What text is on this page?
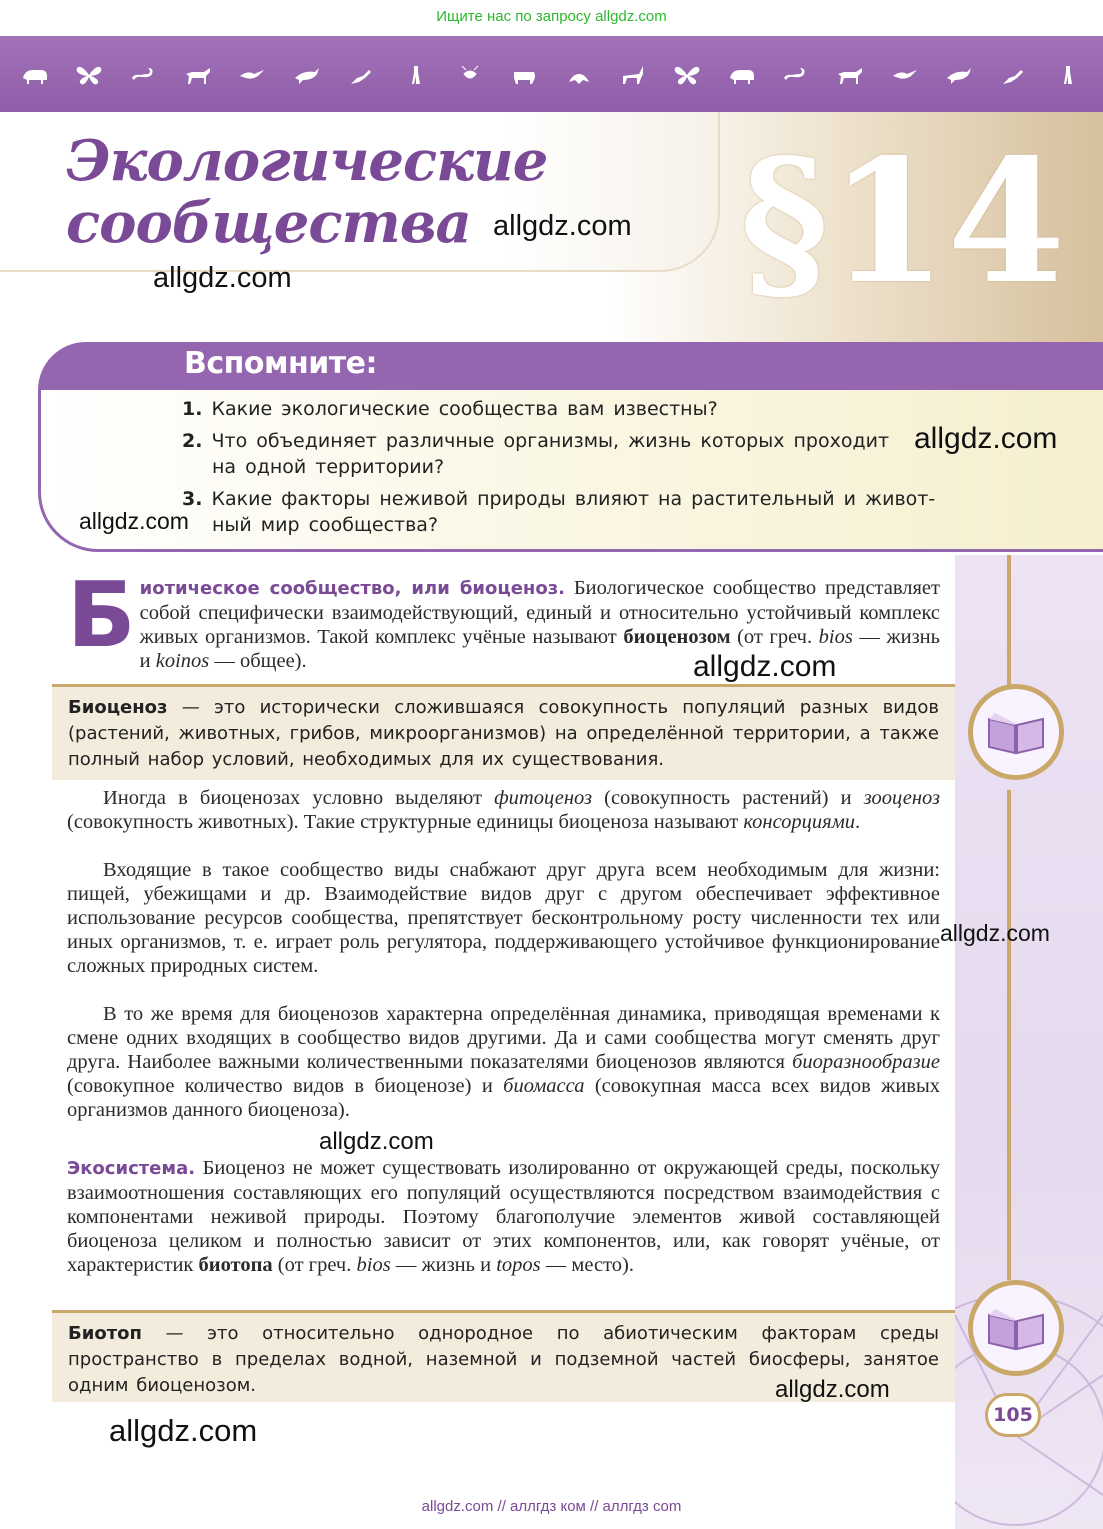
Ищите нас по запросу allgdz.com
Экологические
сообщества	§14
allgdz.com
allgdz.com
Вспомните:
1. Какие экологические сообщества вам известны?
2. Что объединяет различные организмы, жизнь которых проходит
на одной территории?
3. Какие факторы неживой природы влияют на растительный и живот-
ный мир сообщества?
allgdz.com
allgdz.com
Биотическое сообщество, или биоценоз. Биологическое сообщество представляет собой специфически взаимодействующий, единый и относительно устойчивый комплекс живых организмов. Такой комплекс учёные называют биоценозом (от греч. bios — жизнь и koinos — общее).	allgdz.com
Биоценоз — это исторически сложившаяся совокупность популяций разных видов (растений, животных, грибов, микроорганизмов) на определённой территории, а также полный набор условий, необходимых для их существования.
Иногда в биоценозах условно выделяют фитоценоз (совокупность растений) и зооценоз (совокупность животных). Такие структурные единицы биоценоза называют консорциями.
Входящие в такое сообщество виды снабжают друг друга всем необходимым для жизни: пищей, убежищами и др. Взаимодействие видов друг с другом обеспечивает эффективное использование ресурсов сообщества, препятствует бесконтрольному росту численности тех или иных организмов, т. е. играет роль регулятора, поддерживающего устойчивое функционирование сложных природных систем.
allgdz.com
В то же время для биоценозов характерна определённая динамика, приводящая временами к смене одних входящих в сообщество видов другими. Да и сами сообщества могут сменять друг друга. Наиболее важными количественными показателями биоценозов являются биоразнообразие (совокупное количество видов в биоценозе) и биомасса (совокупная масса всех видов живых организмов данного биоценоза).
allgdz.com
Экосистема. Биоценоз не может существовать изолированно от окружающей среды, поскольку взаимоотношения составляющих его популяций осуществляются посредством взаимодействия с компонентами неживой природы. Поэтому благополучие элементов живой составляющей биоценоза целиком и полностью зависит от этих компонентов, или, как говорят учёные, от характеристик биотопа (от греч. bios — жизнь и topos — место).
Биотоп — это относительно однородное по абиотическим факторам среды пространство в пределах водной, наземной и подземной частей биосферы, занятое одним биоценозом.	allgdz.com
105
allgdz.com
allgdz.com // аллгдз ком // аллгдз com
